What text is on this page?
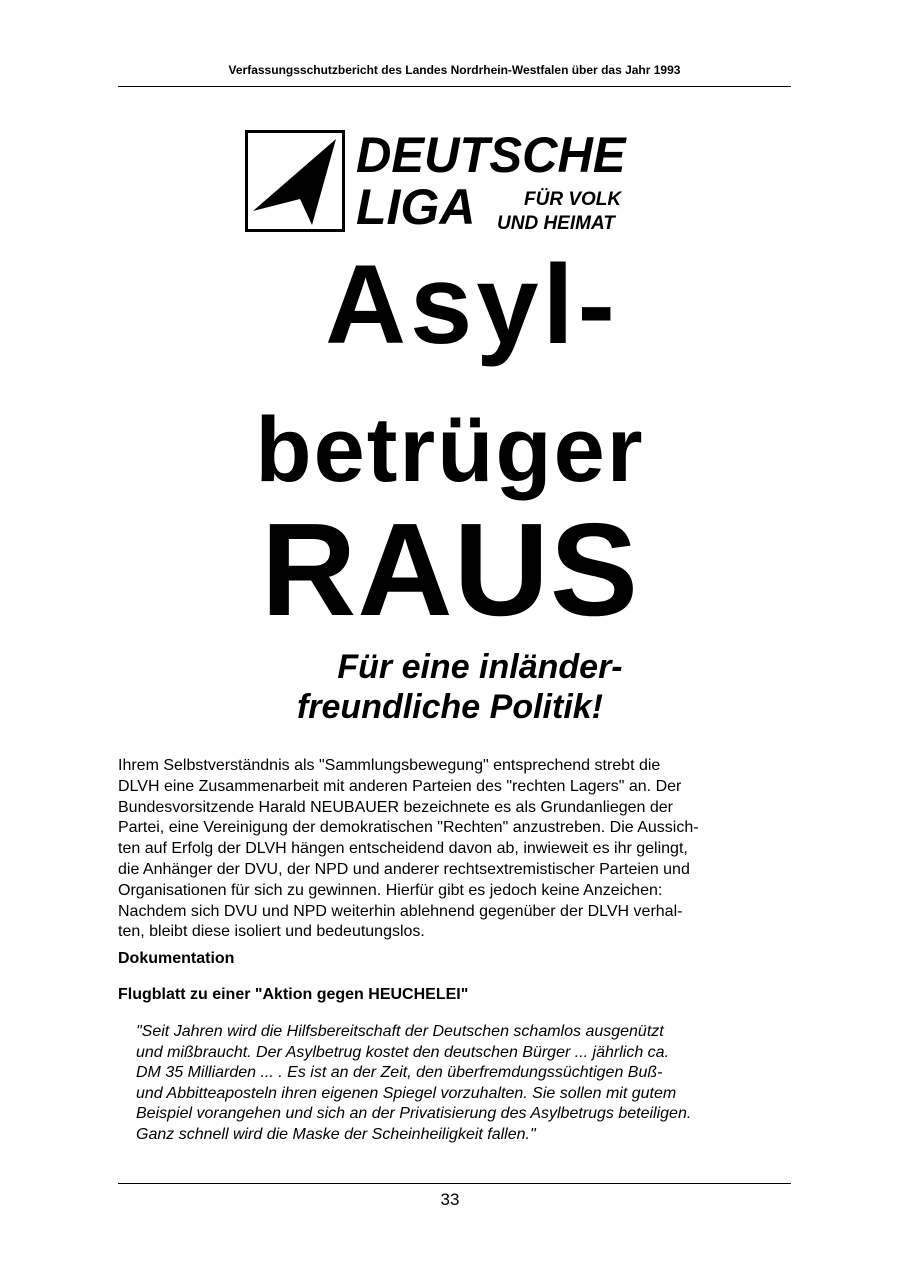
Verfassungsschutzbericht des Landes Nordrhein-Westfalen über das Jahr 1993
DEUTSCHE
LIGA	FÜR VOLK
UND HEIMAT
Asyl-
betrüger
RAUS
Für eine inländer-
freundliche Politik!

Ihrem Selbstverständnis als "Sammlungsbewegung" entsprechend strebt die
DLVH eine Zusammenarbeit mit anderen Parteien des "rechten Lagers" an. Der
Bundesvorsitzende Harald NEUBAUER bezeichnete es als Grundanliegen der
Partei, eine Vereinigung der demokratischen "Rechten" anzustreben. Die Aussich-
ten auf Erfolg der DLVH hängen entscheidend davon ab, inwieweit es ihr gelingt,
die Anhänger der DVU, der NPD und anderer rechtsextremistischer Parteien und
Organisationen für sich zu gewinnen. Hierfür gibt es jedoch keine Anzeichen:
Nachdem sich DVU und NPD weiterhin ablehnend gegenüber der DLVH verhal-
ten, bleibt diese isoliert und bedeutungslos.

Dokumentation
Flugblatt zu einer "Aktion gegen HEUCHELEI"

"Seit Jahren wird die Hilfsbereitschaft der Deutschen schamlos ausgenützt
und mißbraucht. Der Asylbetrug kostet den deutschen Bürger ... jährlich ca.
DM 35 Milliarden ... . Es ist an der Zeit, den überfremdungssüchtigen Buß-
und Abbitteaposteln ihren eigenen Spiegel vorzuhalten. Sie sollen mit gutem
Beispiel vorangehen und sich an der Privatisierung des Asylbetrugs beteiligen.
Ganz schnell wird die Maske der Scheinheiligkeit fallen."

33
